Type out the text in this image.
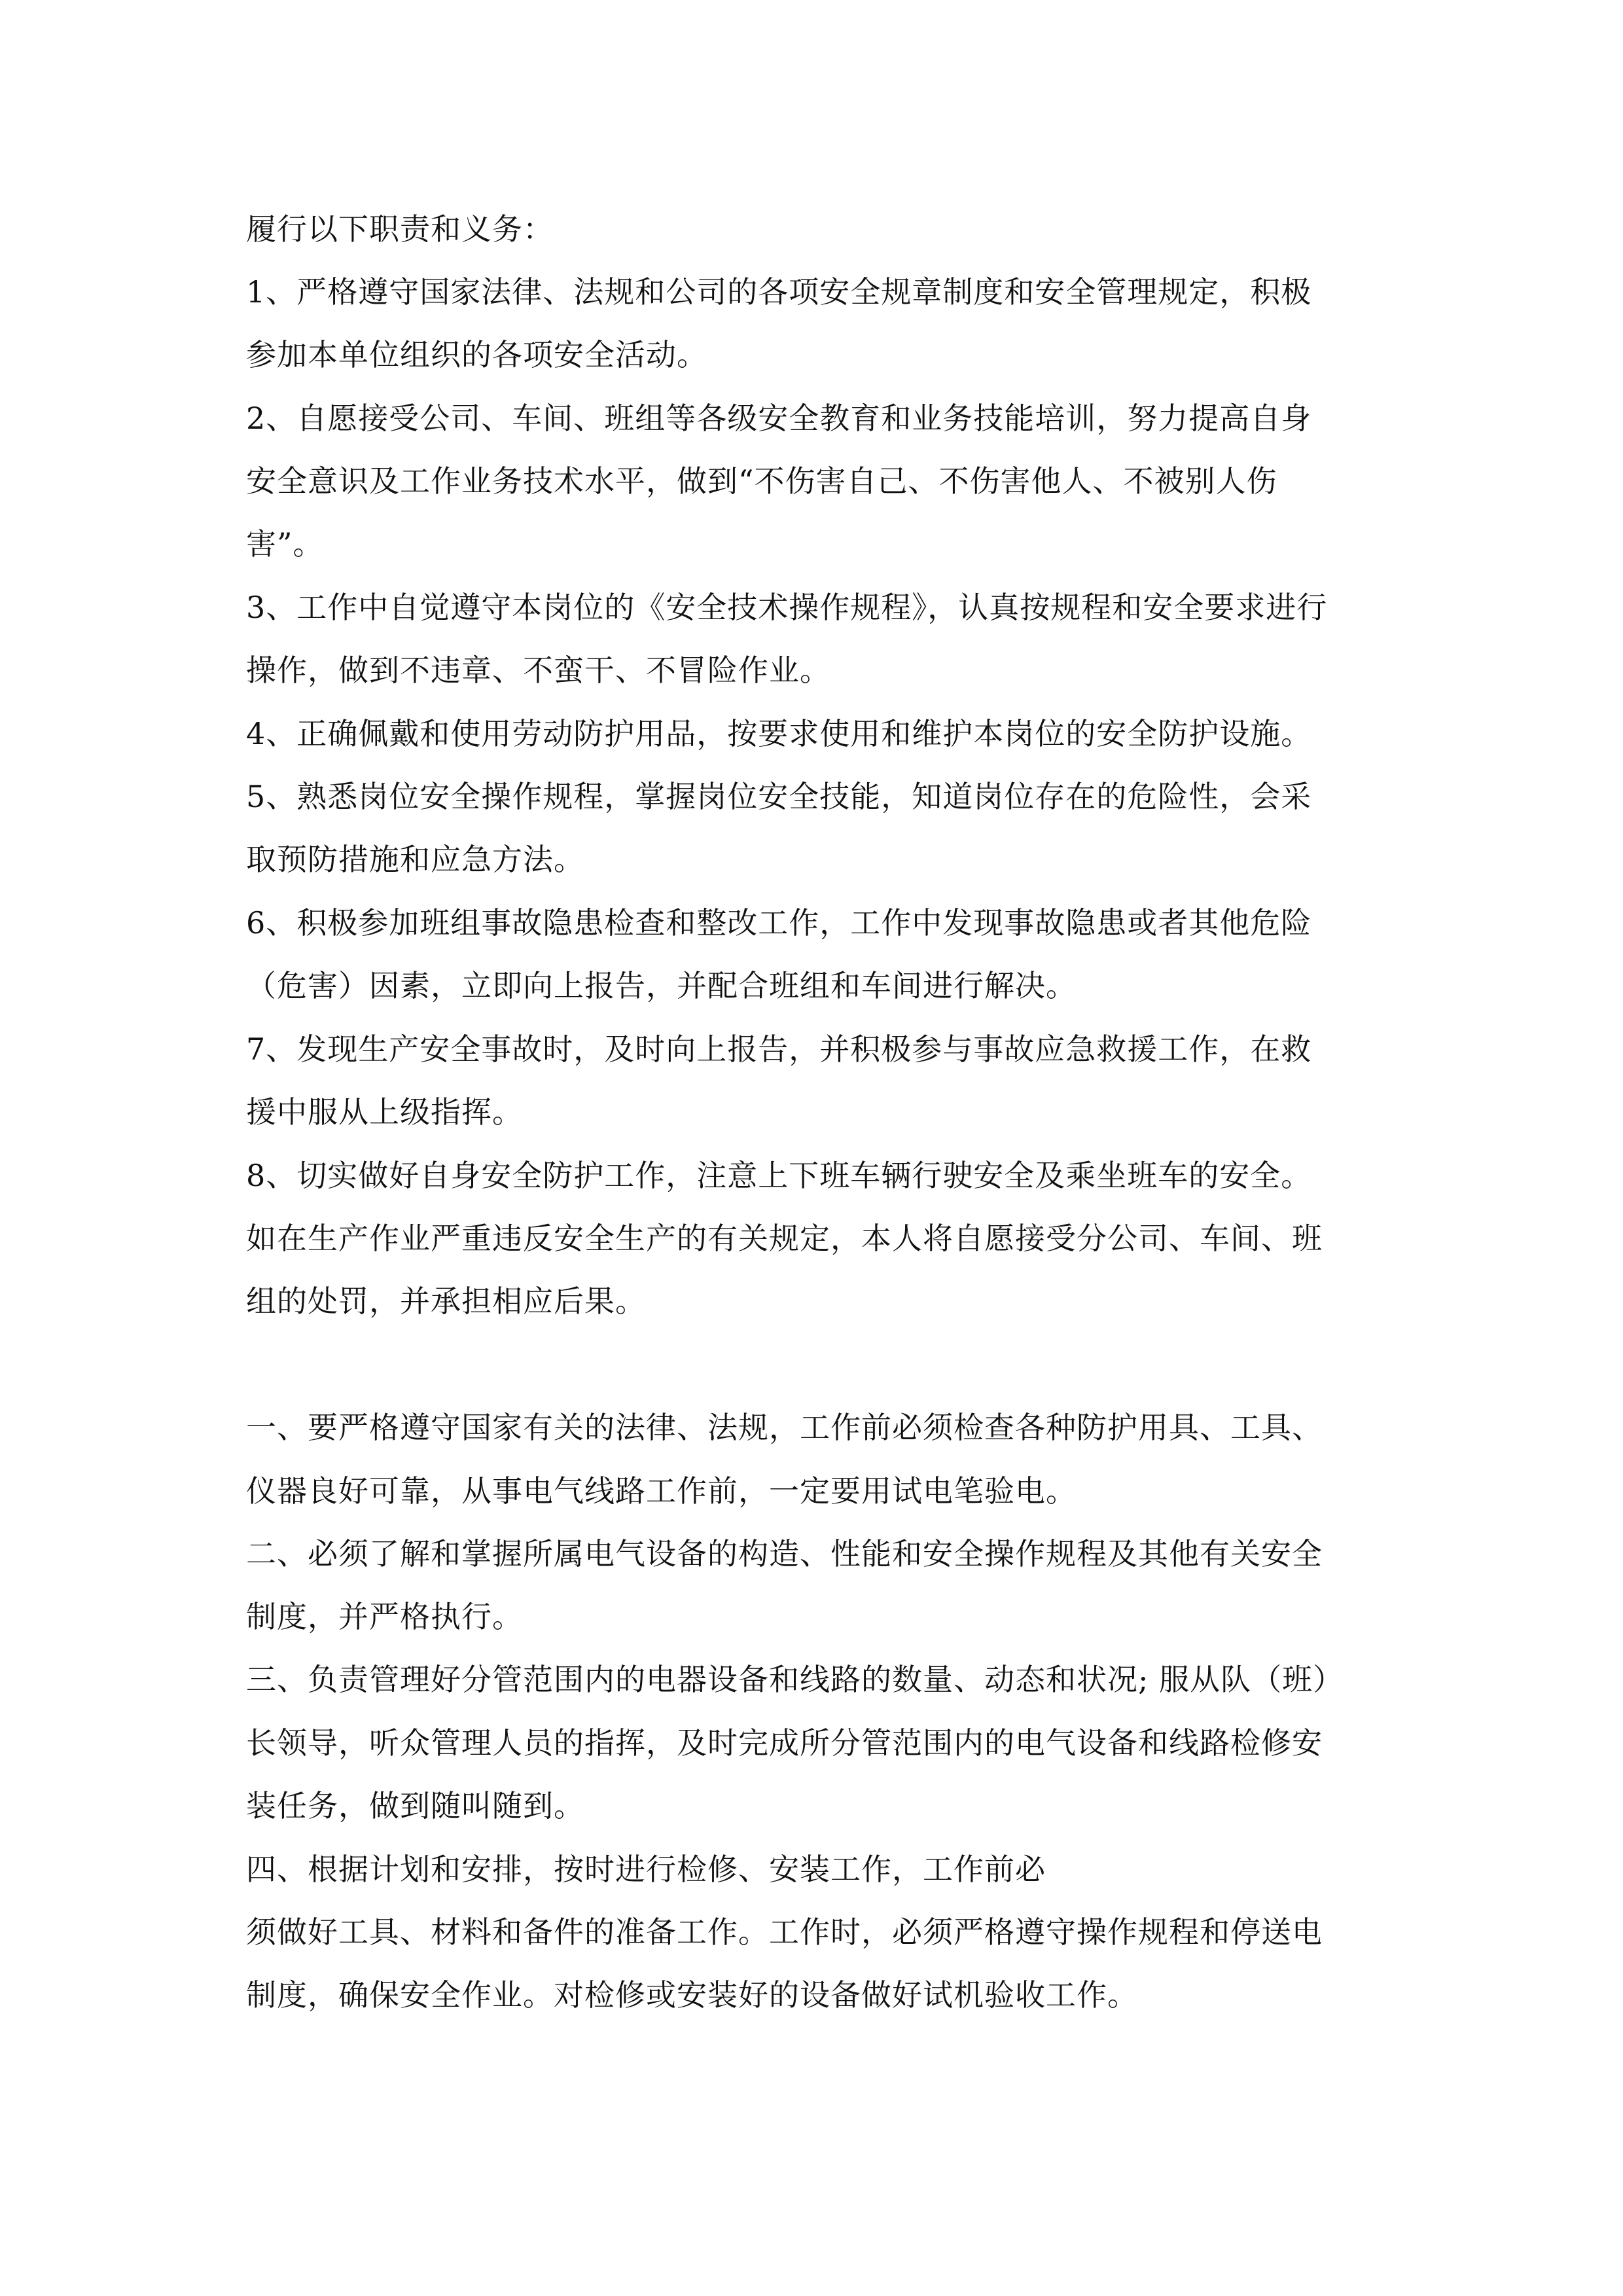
履行以下职责和义务：

1、严格遵守国家法律、法规和公司的各项安全规章制度和安全管理规定，积极

参加本单位组织的各项安全活动。

2、自愿接受公司、车间、班组等各级安全教育和业务技能培训，努力提高自身

安全意识及工作业务技术水平，做到“不伤害自己、不伤害他人、不被别人伤

害”。

3、工作中自觉遵守本岗位的《安全技术操作规程》，认真按规程和安全要求进行

操作，做到不违章、不蛮干、不冒险作业。

4、正确佩戴和使用劳动防护用品，按要求使用和维护本岗位的安全防护设施。

5、熟悉岗位安全操作规程，掌握岗位安全技能，知道岗位存在的危险性，会采

取预防措施和应急方法。

6、积极参加班组事故隐患检查和整改工作，工作中发现事故隐患或者其他危险

（危害）因素，立即向上报告，并配合班组和车间进行解决。

7、发现生产安全事故时，及时向上报告，并积极参与事故应急救援工作，在救

援中服从上级指挥。

8、切实做好自身安全防护工作，注意上下班车辆行驶安全及乘坐班车的安全。

如在生产作业严重违反安全生产的有关规定，本人将自愿接受分公司、车间、班

组的处罚，并承担相应后果。

一、要严格遵守国家有关的法律、法规，工作前必须检查各种防护用具、工具、

仪器良好可靠，从事电气线路工作前，一定要用试电笔验电。

二、必须了解和掌握所属电气设备的构造、性能和安全操作规程及其他有关安全

制度，并严格执行。

三、负责管理好分管范围内的电器设备和线路的数量、动态和状况; 服从队（班）

长领导，听众管理人员的指挥，及时完成所分管范围内的电气设备和线路检修安

装任务，做到随叫随到。

四、根据计划和安排，按时进行检修、安装工作，工作前必

须做好工具、材料和备件的准备工作。工作时，必须严格遵守操作规程和停送电

制度，确保安全作业。对检修或安装好的设备做好试机验收工作。
